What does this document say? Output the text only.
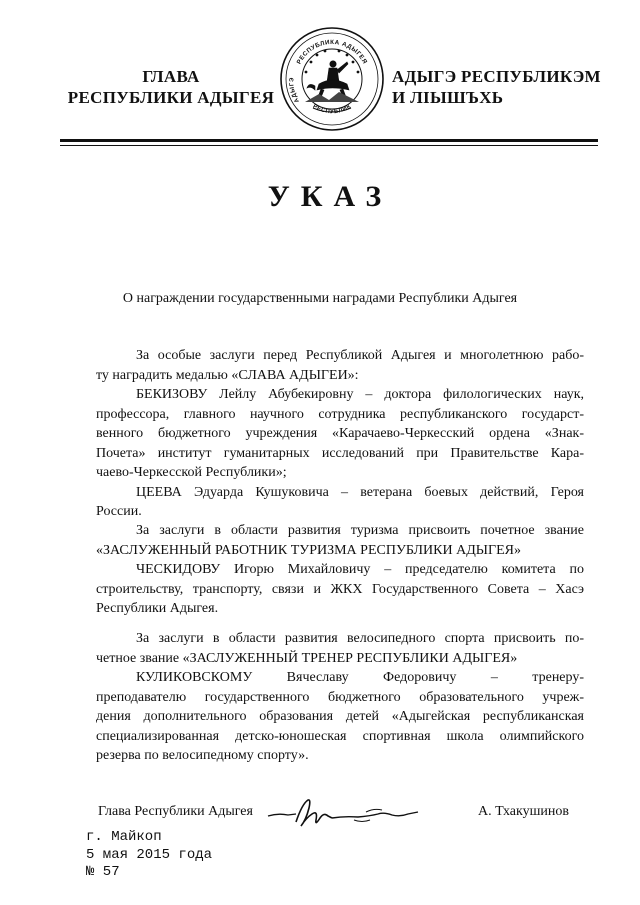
ГЛАВА
РЕСПУБЛИКИ АДЫГЕЯ
РЕСПУБЛИКА АДЫГЕЯ
АДЫГЭ
РЕСПУБЛИК
АДЫГЭ РЕСПУБЛИКЭМ
И ЛІЫШЪХЬ
УКАЗ
О награждении государственными наградами Республики Адыгея
За особые заслуги перед Республикой Адыгея и многолетнюю рабо-
ту наградить медалью «СЛАВА АДЫГЕИ»:
БЕКИЗОВУ Лейлу Абубекировну – доктора филологических наук,
профессора, главного научного сотрудника республиканского государст-
венного бюджетного учреждения «Карачаево-Черкесский ордена «Знак-
Почета» институт гуманитарных исследований при Правительстве Кара-
чаево-Черкесской Республики»;
ЦЕЕВА Эдуарда Кушуковича – ветерана боевых действий, Героя
России.
За заслуги в области развития туризма присвоить почетное звание
«ЗАСЛУЖЕННЫЙ РАБОТНИК ТУРИЗМА РЕСПУБЛИКИ АДЫГЕЯ»
ЧЕСКИДОВУ Игорю Михайловичу – председателю комитета по
строительству, транспорту, связи и ЖКХ Государственного Совета – Хасэ
Республики Адыгея.
За заслуги в области развития велосипедного спорта присвоить по-
четное звание «ЗАСЛУЖЕННЫЙ ТРЕНЕР РЕСПУБЛИКИ АДЫГЕЯ»
КУЛИКОВСКОМУ Вячеславу Федоровичу – тренеру-
преподавателю государственного бюджетного образовательного учреж-
дения дополнительного образования детей «Адыгейская республиканская
специализированная детско-юношеская спортивная школа олимпийского
резерва по велосипедному спорту».
Глава Республики Адыгея	А. Тхакушинов
г. Майкоп
5 мая 2015 года
№ 57
